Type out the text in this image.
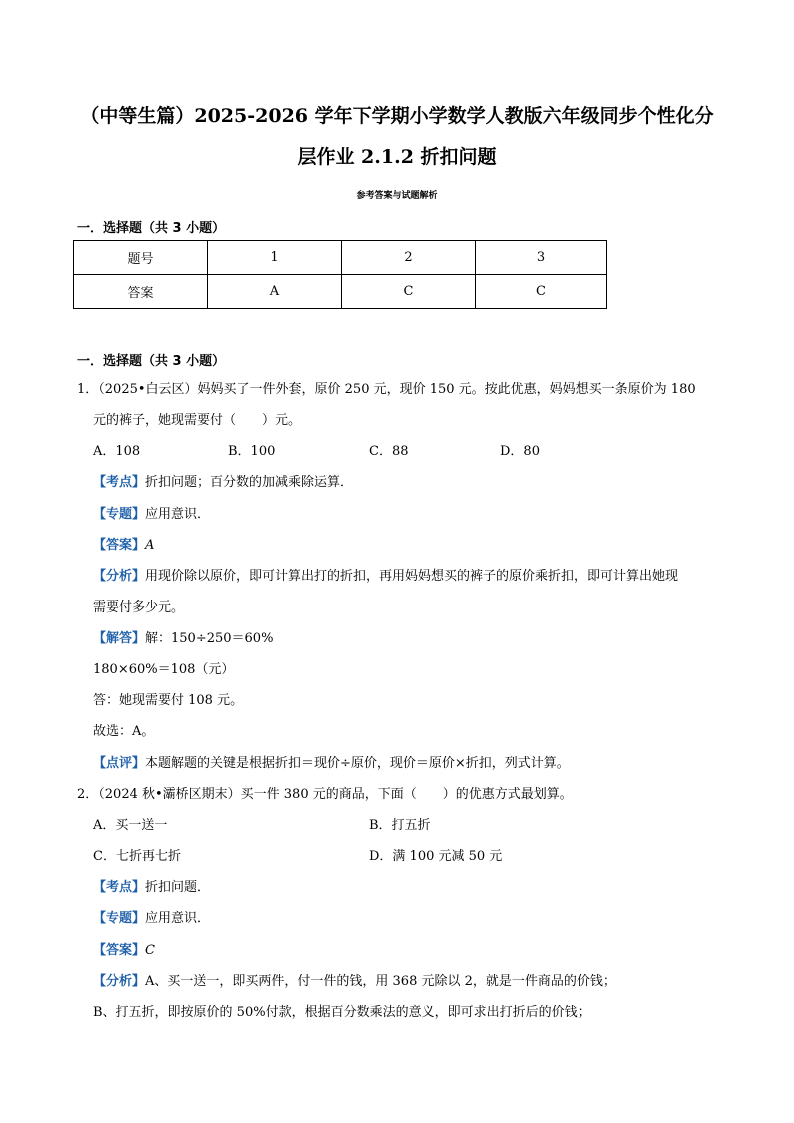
（中等生篇）2025-2026 学年下学期小学数学人教版六年级同步个性化分
层作业 2.1.2 折扣问题
参考答案与试题解析
一．选择题（共 3 小题）
题号	1	2	3
答案	A	C	C
一．选择题（共 3 小题）
1．（2025•白云区）妈妈买了一件外套，原价 250 元，现价 150 元。按此优惠，妈妈想买一条原价为 180
元的裤子，她现需要付（　　）元。
A．108	B．100	C．88	D．80
【考点】折扣问题；百分数的加减乘除运算．
【专题】应用意识．
【答案】A
【分析】用现价除以原价，即可计算出打的折扣，再用妈妈想买的裤子的原价乘折扣，即可计算出她现
需要付多少元。
【解答】解：150÷250＝60%
180×60%＝108（元）
答：她现需要付 108 元。
故选：A。
【点评】本题解题的关键是根据折扣＝现价÷原价，现价＝原价×折扣，列式计算。
2．（2024 秋•灞桥区期末）买一件 380 元的商品，下面（　　）的优惠方式最划算。
A．买一送一	B．打五折
C．七折再七折	D．满 100 元减 50 元
【考点】折扣问题．
【专题】应用意识．
【答案】C
【分析】A、买一送一，即买两件，付一件的钱，用 368 元除以 2，就是一件商品的价钱；
B、打五折，即按原价的 50%付款，根据百分数乘法的意义，即可求出打折后的价钱；
